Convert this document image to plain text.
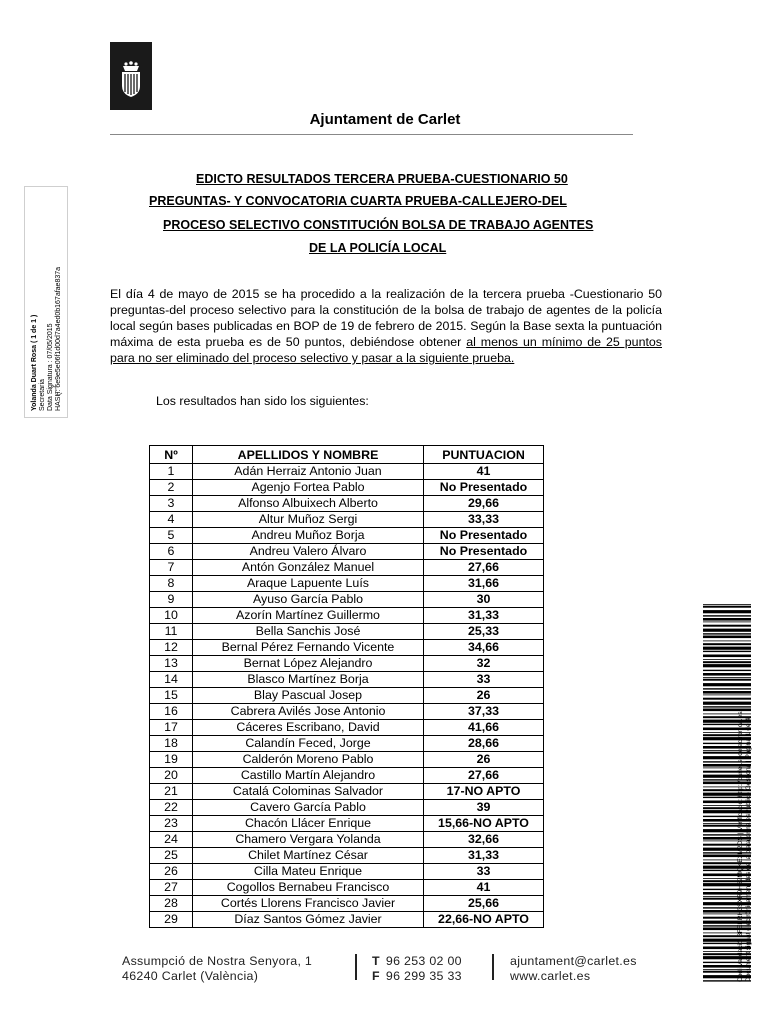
Ajuntament de Carlet
EDICTO RESULTADOS TERCERA PRUEBA-CUESTIONARIO 50
PREGUNTAS- Y CONVOCATORIA CUARTA PRUEBA-CALLEJERO-DEL
PROCESO SELECTIVO CONSTITUCIÓN BOLSA DE TRABAJO AGENTES
DE LA POLICÍA LOCAL
El día 4 de mayo de 2015 se ha procedido a la realización de la tercera prueba -Cuestionario 50 preguntas-del proceso selectivo para la constitución de la bolsa de trabajo de agentes de la policía local según bases publicadas en BOP de 19 de febrero de 2015. Según la Base sexta la puntuación máxima de esta prueba es de 50 puntos, debiéndose obtener al menos un mínimo de 25 puntos para no ser eliminado del proceso selectivo y pasar a la siguiente prueba.
Los resultados han sido los siguientes:
Nº	APELLIDOS Y NOMBRE	PUNTUACION
1	Adán Herraiz Antonio Juan	41
2	Agenjo Fortea Pablo	No Presentado
3	Alfonso Albuixech Alberto	29,66
4	Altur Muñoz Sergi	33,33
5	Andreu Muñoz Borja	No Presentado
6	Andreu Valero Álvaro	No Presentado
7	Antón González Manuel	27,66
8	Araque Lapuente Luís	31,66
9	Ayuso García Pablo	30
10	Azorín Martínez Guillermo	31,33
11	Bella Sanchis José	25,33
12	Bernal Pérez Fernando Vicente	34,66
13	Bernat López Alejandro	32
14	Blasco Martínez Borja	33
15	Blay Pascual Josep	26
16	Cabrera Avilés Jose Antonio	37,33
17	Cáceres Escribano, David	41,66
18	Calandín Feced, Jorge	28,66
19	Calderón Moreno Pablo	26
20	Castillo Martín Alejandro	27,66
21	Catalá Colominas Salvador	17-NO APTO
22	Cavero García Pablo	39
23	Chacón Llácer Enrique	15,66-NO APTO
24	Chamero Vergara Yolanda	32,66
25	Chilet Martínez César	31,33
26	Cilla Mateu Enrique	33
27	Cogollos Bernabeu Francisco	41
28	Cortés Llorens Francisco Javier	25,66
29	Díaz Santos Gómez Javier	22,66-NO APTO
Assumpció de Nostra Senyora, 1
46240 Carlet (València)
T 96 253 02 00
F 96 299 35 33
ajuntament@carlet.es
www.carlet.es
Yolanda Duart Rosa ( 1 de 1 ) Secretaria Data Signatura : 07/05/2015 HASH: 6e9e5e06f1d00d7a4ed0b167afae837a
Codi Validació: 3FEKRH3SXR9H62MQKE2M2DS | Verificació: http://carlet.sedelectronica.es/ Document signat electrònicament des de la plataforma esPublico Gestiona | Pàgina 1 de 4
